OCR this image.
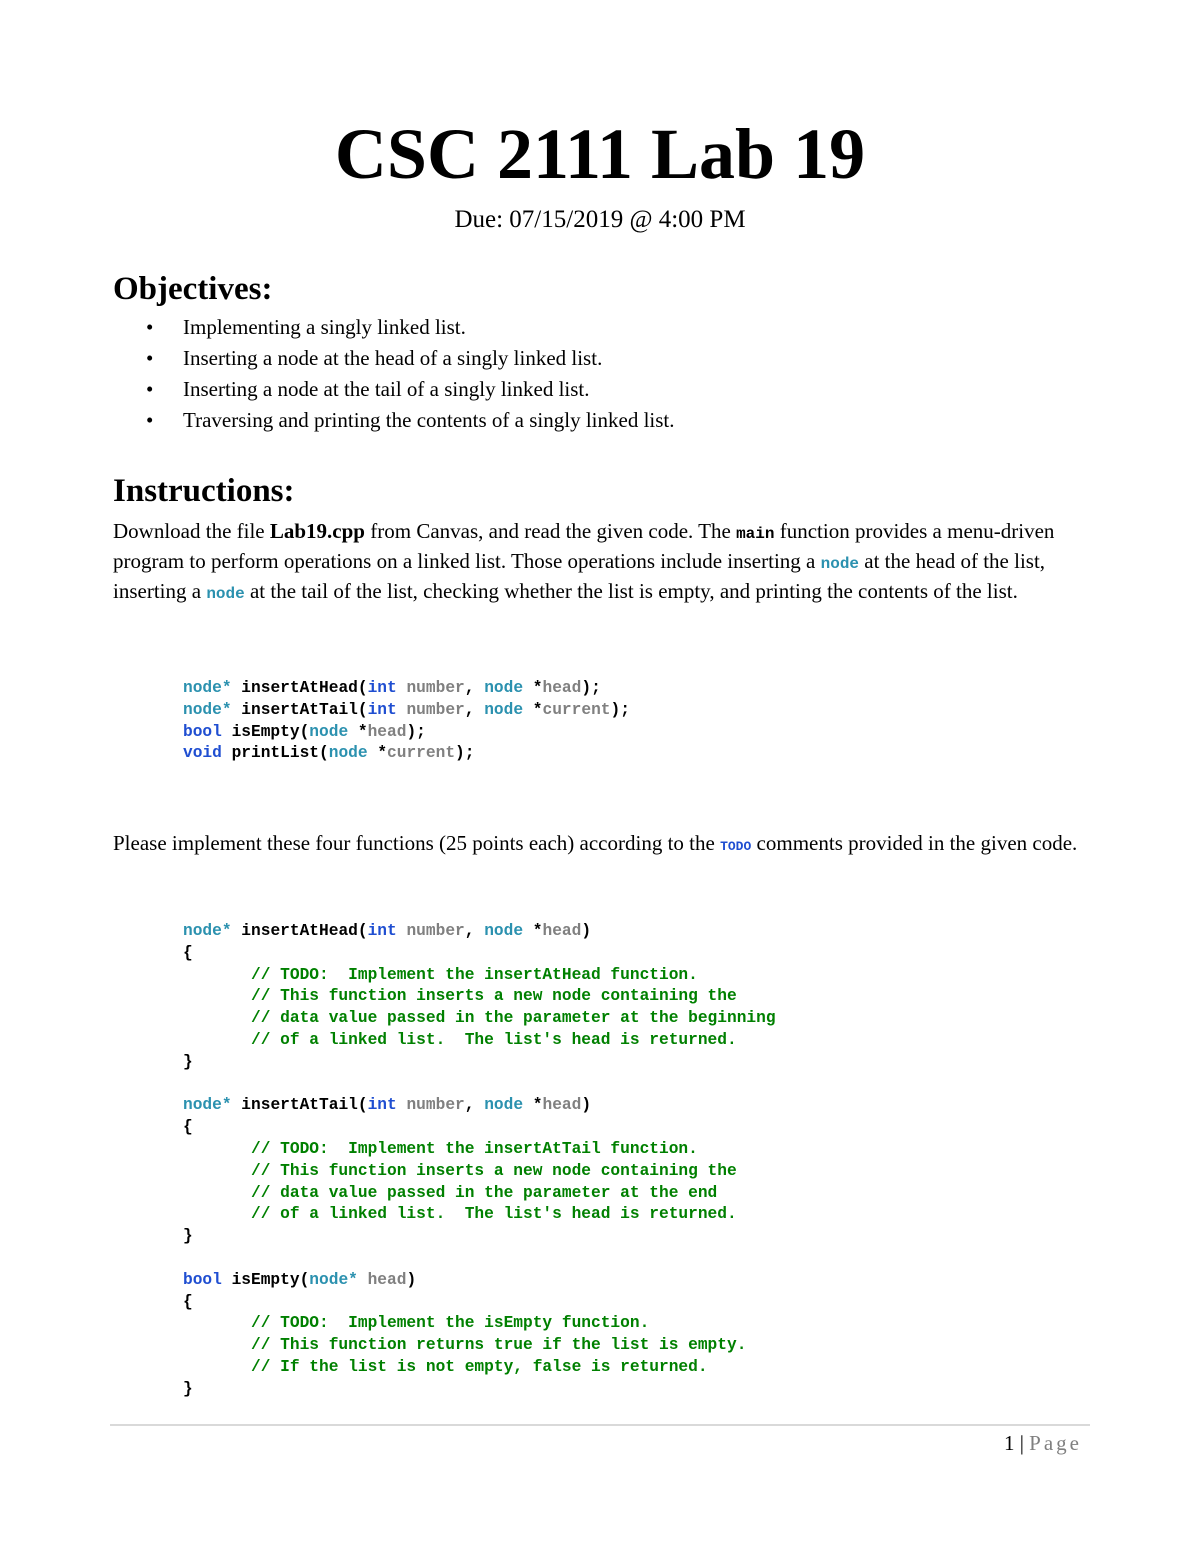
CSC 2111 Lab 19
Due: 07/15/2019 @ 4:00 PM
Objectives:
• Implementing a singly linked list.
• Inserting a node at the head of a singly linked list.
• Inserting a node at the tail of a singly linked list.
• Traversing and printing the contents of a singly linked list.
Instructions:
Download the file Lab19.cpp from Canvas, and read the given code. The main function provides a menu-driven program to perform operations on a linked list. Those operations include inserting a node at the head of the list, inserting a node at the tail of the list, checking whether the list is empty, and printing the contents of the list.
node* insertAtHead(int number, node *head);
node* insertAtTail(int number, node *current);
bool isEmpty(node *head);
void printList(node *current);
Please implement these four functions (25 points each) according to the TODO comments provided in the given code.
node* insertAtHead(int number, node *head)
{
// TODO:  Implement the insertAtHead function.
// This function inserts a new node containing the
// data value passed in the parameter at the beginning
// of a linked list.  The list's head is returned.
}

node* insertAtTail(int number, node *head)
{
// TODO:  Implement the insertAtTail function.
// This function inserts a new node containing the
// data value passed in the parameter at the end
// of a linked list.  The list's head is returned.
}

bool isEmpty(node* head)
{
// TODO:  Implement the isEmpty function.
// This function returns true if the list is empty.
// If the list is not empty, false is returned.
}
1 | Page
